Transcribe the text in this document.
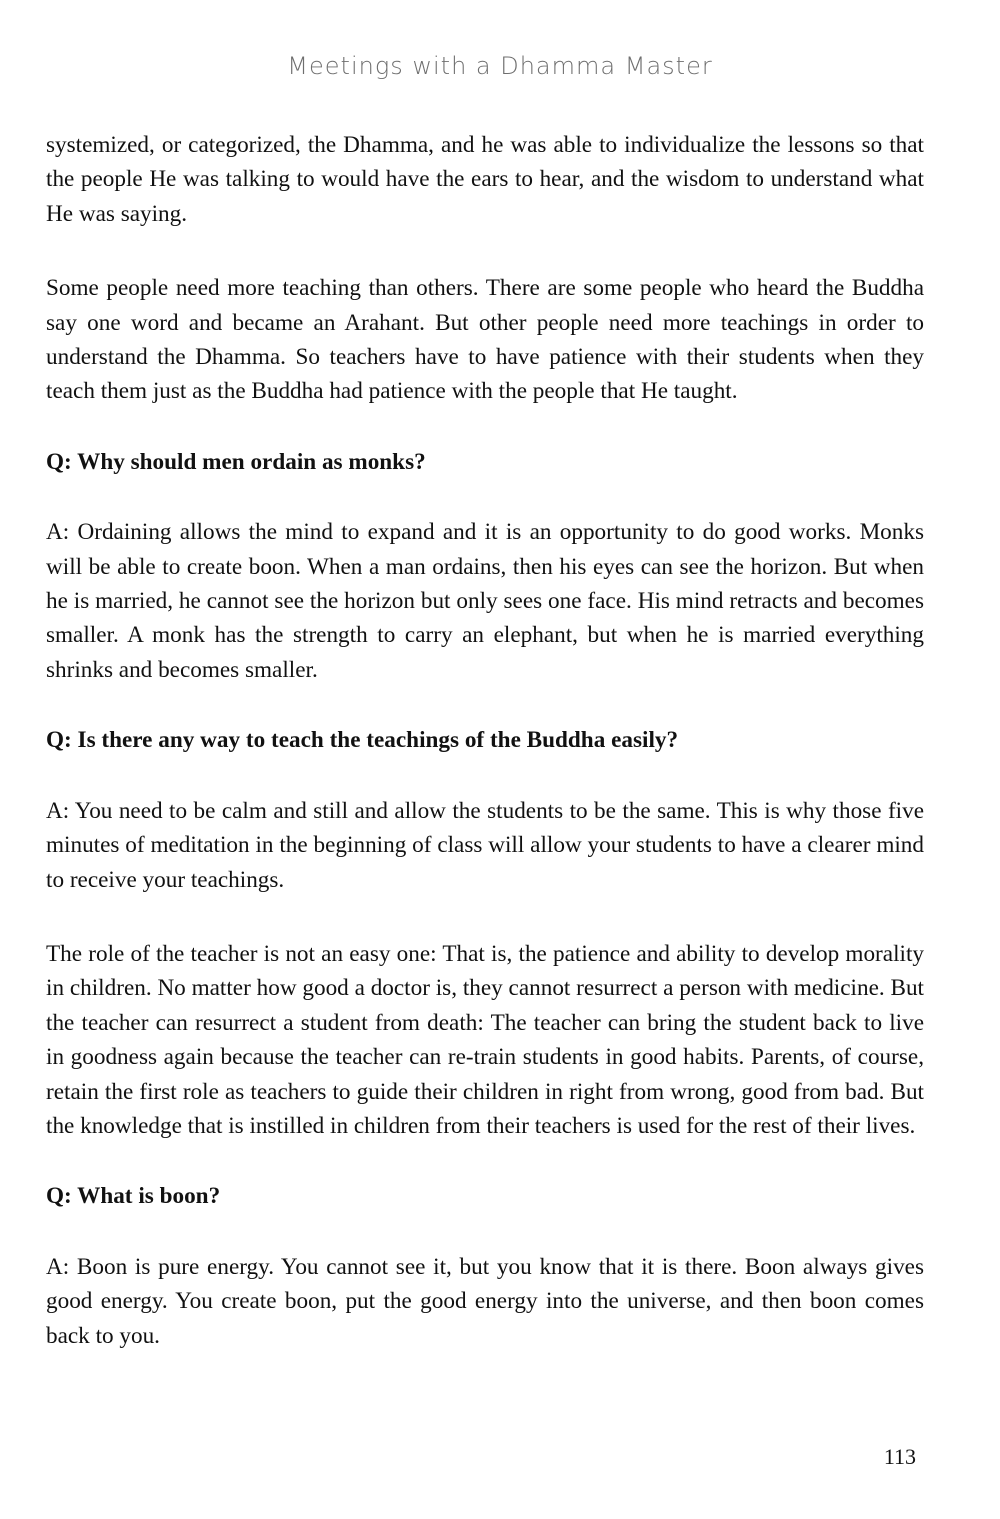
Meetings with a Dhamma Master

systemized, or categorized, the Dhamma, and he was able to individualize the lessons so that the people He was talking to would have the ears to hear, and the wisdom to understand what He was saying.

Some people need more teaching than others. There are some people who heard the Buddha say one word and became an Arahant. But other people need more teachings in order to understand the Dhamma. So teachers have to have patience with their students when they teach them just as the Buddha had patience with the people that He taught.

Q: Why should men ordain as monks?

A: Ordaining allows the mind to expand and it is an opportunity to do good works. Monks will be able to create boon. When a man ordains, then his eyes can see the horizon. But when he is married, he cannot see the horizon but only sees one face. His mind retracts and becomes smaller. A monk has the strength to carry an elephant, but when he is married everything shrinks and becomes smaller.

Q: Is there any way to teach the teachings of the Buddha easily?

A: You need to be calm and still and allow the students to be the same. This is why those five minutes of meditation in the beginning of class will allow your students to have a clearer mind to receive your teachings.

The role of the teacher is not an easy one: That is, the patience and ability to develop morality in children. No matter how good a doctor is, they cannot resurrect a person with medicine. But the teacher can resurrect a student from death: The teacher can bring the student back to live in goodness again because the teacher can re-train students in good habits. Parents, of course, retain the first role as teachers to guide their children in right from wrong, good from bad. But the knowledge that is instilled in children from their teachers is used for the rest of their lives.

Q: What is boon?

A: Boon is pure energy. You cannot see it, but you know that it is there. Boon always gives good energy. You create boon, put the good energy into the universe, and then boon comes back to you.

113
